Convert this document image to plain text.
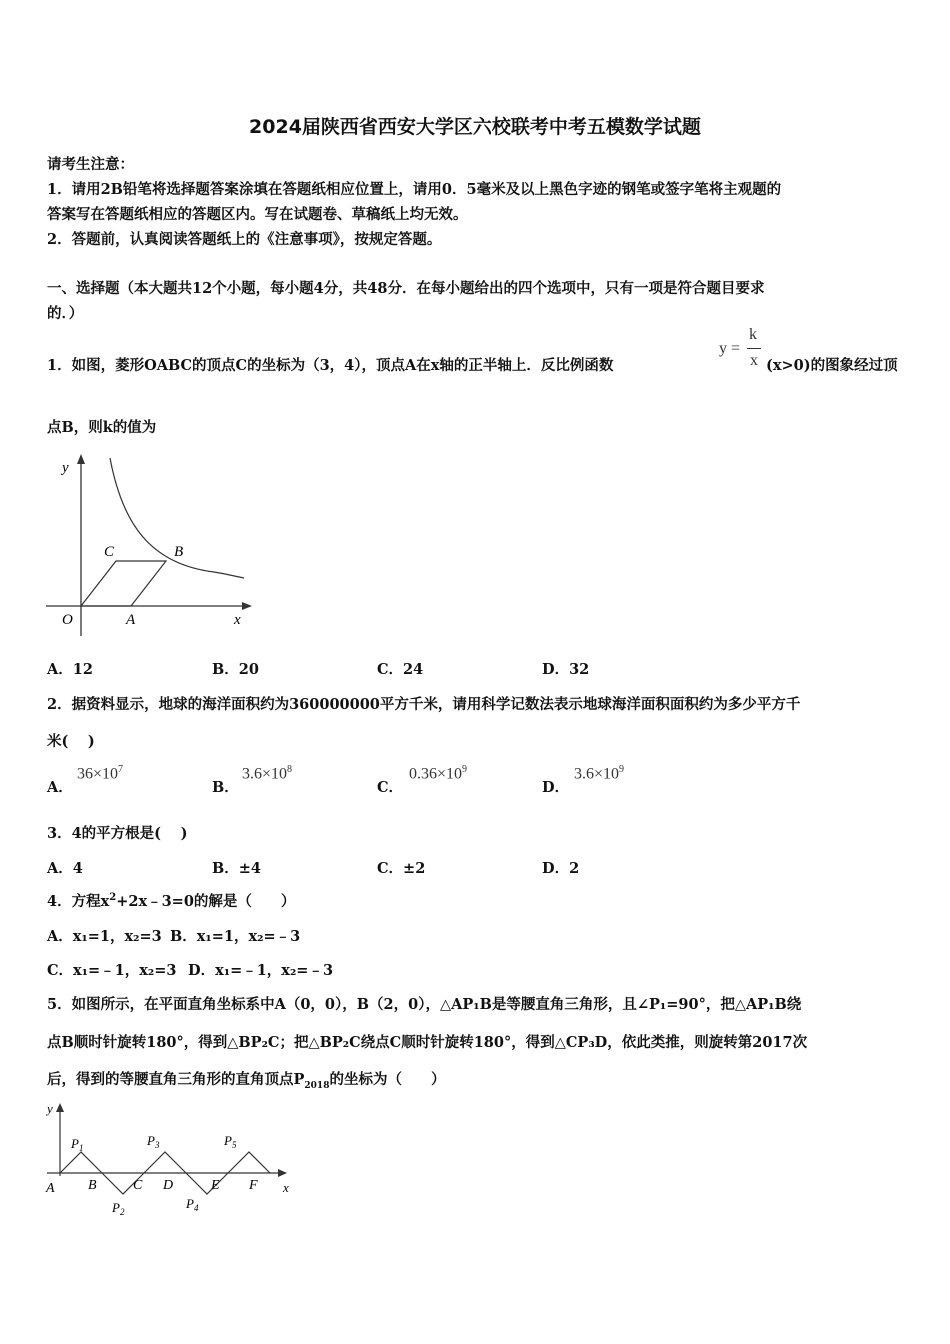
2024届陕西省西安大学区六校联考中考五模数学试题
请考生注意：
1．请用2B铅笔将选择题答案涂填在答题纸相应位置上，请用0．5毫米及以上黑色字迹的钢笔或签字笔将主观题的
答案写在答题纸相应的答题区内。写在试题卷、草稿纸上均无效。
2．答题前，认真阅读答题纸上的《注意事项》，按规定答题。
一、选择题（本大题共12个小题，每小题4分，共48分．在每小题给出的四个选项中，只有一项是符合题目要求
的．）
1．如图，菱形OABC的顶点C的坐标为（3，4），顶点A在x轴的正半轴上．反比例函数
y =
k
x (x>0)的图象经过顶
点B，则k的值为
y
x
O	A
B
C
A．12	B．20	C．24	D．32
2．据资料显示，地球的海洋面积约为360000000平方千米，请用科学记数法表示地球海洋面积面积约为多少平方千
米(　 )
A．
$36\times 10^7$
B．
$3.6\times 10^8$
C．
$0.36\times 10^9$
D．
$3.6\times 10^9$
3．4的平方根是(　 )
A．4	B．±4	C．±2	D．2
4．方程$x^2+2x﹣3=0$的解是（　　）
A．x₁=1，x₂=3 B．x₁=1，x₂=﹣3
C．x₁=﹣1，x₂=3 D．x₁=﹣1，x₂=﹣3
5．如图所示，在平面直角坐标系中A（0，0），B（2，0），△AP₁B是等腰直角三角形，且∠P₁=90°，把△AP₁B绕
点B顺时针旋转180°，得到△BP₂C；把△BP₂C绕点C顺时针旋转180°，得到△CP₃D，依此类推，则旋转第2017次
后，得到的等腰直角三角形的直角顶点$P_{2018}$的坐标为（　　）
y
x
A B	C D	E F
$P_1$
$P_2$
$P_3$
$P_4$
$P_5$
